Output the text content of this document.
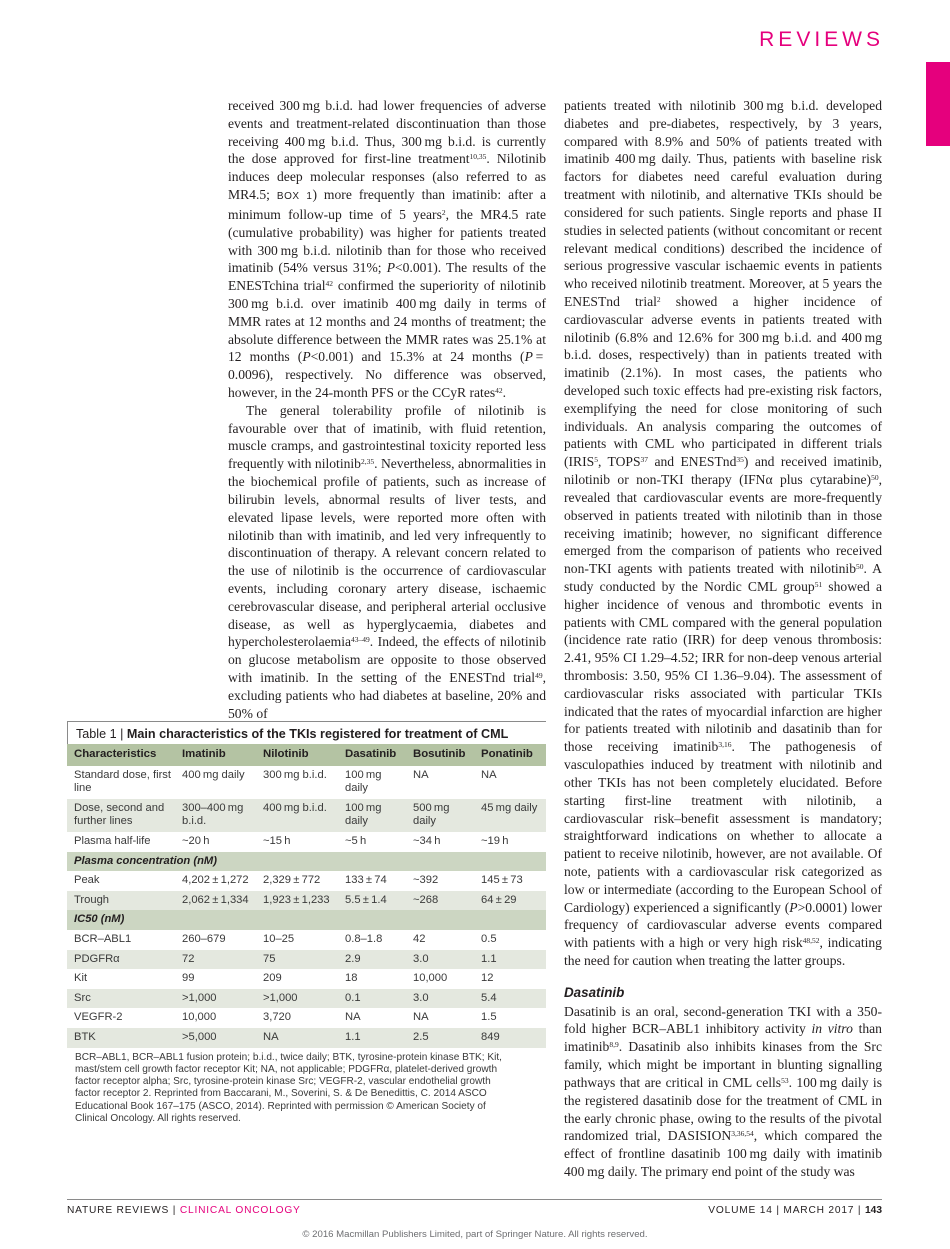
REVIEWS

received 300 mg b.i.d. had lower frequencies of adverse events and treatment-related discontinuation than those receiving 400 mg b.i.d. Thus, 300 mg b.i.d. is currently the dose approved for first-line treatment$^{10,35}$. Nilotinib induces deep molecular responses (also referred to as MR4.5; BOX 1) more frequently than imatinib: after a minimum follow-up time of 5 years$^2$, the MR4.5 rate (cumulative probability) was higher for patients treated with 300 mg b.i.d. nilotinib than for those who received imatinib (54% versus 31%; P<0.001). The results of the ENESTchina trial$^{42}$ confirmed the superiority of nilotinib 300 mg b.i.d. over imatinib 400 mg daily in terms of MMR rates at 12 months and 24 months of treatment; the absolute difference between the MMR rates was 25.1% at 12 months (P<0.001) and 15.3% at 24 months (P = 0.0096), respectively. No difference was observed, however, in the 24-month PFS or the CCyR rates$^{42}$.

The general tolerability profile of nilotinib is favourable over that of imatinib, with fluid retention, muscle cramps, and gastrointestinal toxicity reported less frequently with nilotinib$^{2,35}$. Nevertheless, abnormalities in the biochemical profile of patients, such as increase of bilirubin levels, abnormal results of liver tests, and elevated lipase levels, were reported more often with nilotinib than with imatinib, and led very infrequently to discontinuation of therapy. A relevant concern related to the use of nilotinib is the occurrence of cardiovascular events, including coronary artery disease, ischaemic cerebrovascular disease, and peripheral arterial occlusive disease, as well as hyperglycaemia, diabetes and hypercholesterolaemia$^{43-49}$. Indeed, the effects of nilotinib on glucose metabolism are opposite to those observed with imatinib. In the setting of the ENESTnd trial$^{49}$, excluding patients who had diabetes at baseline, 20% and 50% of

patients treated with nilotinib 300 mg b.i.d. developed diabetes and pre-diabetes, respectively, by 3 years, compared with 8.9% and 50% of patients treated with imatinib 400 mg daily. Thus, patients with baseline risk factors for diabetes need careful evaluation during treatment with nilotinib, and alternative TKIs should be considered for such patients. Single reports and phase II studies in selected patients (without concomitant or recent relevant medical conditions) described the incidence of serious progressive vascular ischaemic events in patients who received nilotinib treatment. Moreover, at 5 years the ENESTnd trial$^2$ showed a higher incidence of cardiovascular adverse events in patients treated with nilotinib (6.8% and 12.6% for 300 mg b.i.d. and 400 mg b.i.d. doses, respectively) than in patients treated with imatinib (2.1%). In most cases, the patients who developed such toxic effects had pre-existing risk factors, exemplifying the need for close monitoring of such individuals. An analysis comparing the outcomes of patients with CML who participated in different trials (IRIS$^5$, TOPS$^{37}$ and ENESTnd$^{35}$) and received imatinib, nilotinib or non-TKI therapy (IFNα plus cytarabine)$^{50}$, revealed that cardiovascular events are more-frequently observed in patients treated with nilotinib than in those receiving imatinib; however, no significant difference emerged from the comparison of patients who received non-TKI agents with patients treated with nilotinib$^{50}$. A study conducted by the Nordic CML group$^{51}$ showed a higher incidence of venous and thrombotic events in patients with CML compared with the general population (incidence rate ratio (IRR) for deep venous thrombosis: 2.41, 95% CI 1.29–4.52; IRR for non-deep venous arterial thrombosis: 3.50, 95% CI 1.36–9.04). The assessment of cardiovascular risks associated with particular TKIs indicated that the rates of myocardial infarction are higher for patients treated with nilotinib and dasatinib than for those receiving imatinib$^{3,16}$. The pathogenesis of vasculopathies induced by treatment with nilotinib and other TKIs has not been completely elucidated. Before starting first-line treatment with nilotinib, a cardiovascular risk–benefit assessment is mandatory; straightforward indications on whether to allocate a patient to receive nilotinib, however, are not available. Of note, patients with a cardiovascular risk categorized as low or intermediate (according to the European School of Cardiology) experienced a significantly (P>0.0001) lower frequency of cardiovascular adverse events compared with patients with a high or very high risk$^{48,52}$, indicating the need for caution when treating the latter groups.

Dasatinib

Dasatinib is an oral, second-generation TKI with a 350-fold higher BCR–ABL1 inhibitory activity in vitro than imatinib$^{8,9}$. Dasatinib also inhibits kinases from the Src family, which might be important in blunting signalling pathways that are critical in CML cells$^{53}$. 100 mg daily is the registered dasatinib dose for the treatment of CML in the early chronic phase, owing to the results of the pivotal randomized trial, DASISION$^{3,36,54}$, which compared the effect of frontline dasatinib 100 mg daily with imatinib 400 mg daily. The primary end point of the study was

Table 1 | Main characteristics of the TKIs registered for treatment of CML
Characteristics	Imatinib	Nilotinib	Dasatinib	Bosutinib	Ponatinib
Standard dose, first line	400 mg daily	300 mg b.i.d.	100 mg daily	NA	NA
Dose, second and further lines	300–400 mg b.i.d.	400 mg b.i.d.	100 mg daily	500 mg daily	45 mg daily
Plasma half-life	~20 h	~15 h	~5 h	~34 h	~19 h
Plasma concentration (nM)					
Peak	4,202 ± 1,272	2,329 ± 772	133 ± 74	~392	145 ± 73
Trough	2,062 ± 1,334	1,923 ± 1,233	5.5 ± 1.4	~268	64 ± 29
IC50 (nM)					
BCR–ABL1	260–679	10–25	0.8–1.8	42	0.5
PDGFRα	72	75	2.9	3.0	1.1
Kit	99	209	18	10,000	12
Src	>1,000	>1,000	0.1	3.0	5.4
VEGFR-2	10,000	3,720	NA	NA	1.5
BTK	>5,000	NA	1.1	2.5	849
BCR–ABL1, BCR–ABL1 fusion protein; b.i.d., twice daily; BTK, tyrosine-protein kinase BTK; Kit, mast/stem cell growth factor receptor Kit; NA, not applicable; PDGFRα, platelet-derived growth factor receptor alpha; Src, tyrosine-protein kinase Src; VEGFR-2, vascular endothelial growth factor receptor 2. Reprinted from Baccarani, M., Soverini, S. & De Benedittis, C. 2014 ASCO Educational Book 167–175 (ASCO, 2014). Reprinted with permission © American Society of Clinical Oncology. All rights reserved.
NATURE REVIEWS | CLINICAL ONCOLOGY	VOLUME 14 | MARCH 2017 | 143
© 2016 Macmillan Publishers Limited, part of Springer Nature. All rights reserved.
